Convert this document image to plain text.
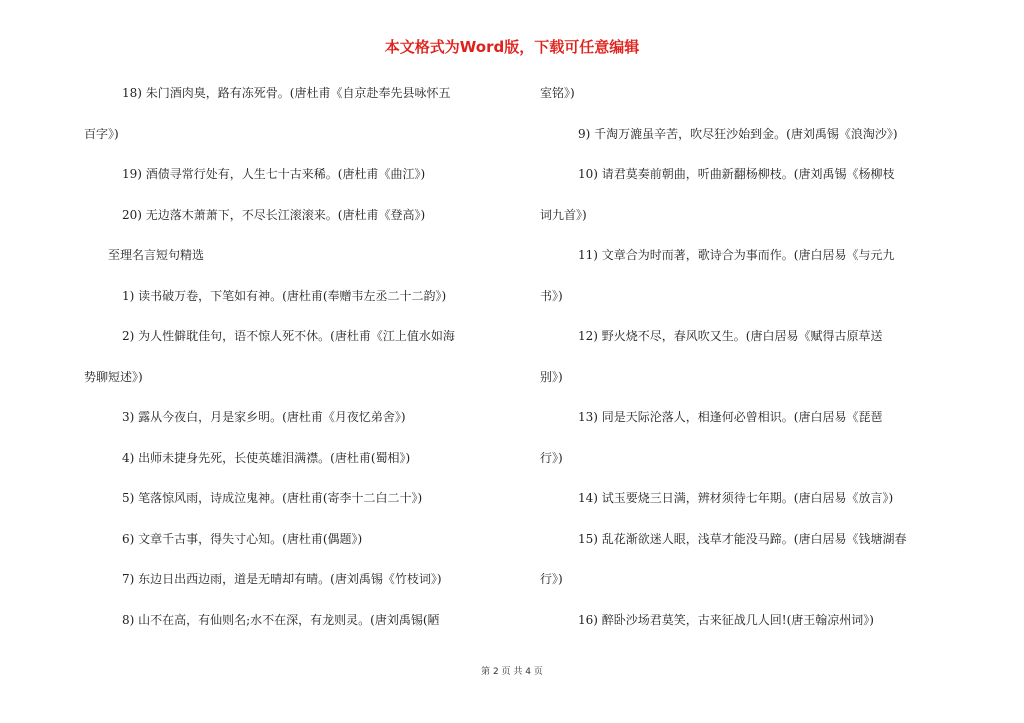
本文格式为Word版，下载可任意编辑
18) 朱门酒肉臭，路有冻死骨。(唐杜甫《自京赴奉先县咏怀五
百字》)
19) 酒债寻常行处有，人生七十古来稀。(唐杜甫《曲江》)
20) 无边落木萧萧下，不尽长江滚滚来。(唐杜甫《登高》)
至理名言短句精选
1) 读书破万卷，下笔如有神。(唐杜甫(奉赠韦左丞二十二韵》)
2) 为人性僻耽佳句，语不惊人死不休。(唐杜甫《江上值水如海
势聊短述》)
3) 露从今夜白，月是家乡明。(唐杜甫《月夜忆弟舍》)
4) 出师未捷身先死，长使英雄泪满襟。(唐杜甫(蜀相》)
5) 笔落惊风雨，诗成泣鬼神。(唐杜甫(寄李十二白二十》)
6) 文章千古事，得失寸心知。(唐杜甫(偶题》)
7) 东边日出西边雨，道是无晴却有晴。(唐刘禹锡《竹枝词》)
8) 山不在高，有仙则名;水不在深，有龙则灵。(唐刘禹锡(陋
室铭》)
9) 千淘万漉虽辛苦，吹尽狂沙始到金。(唐刘禹锡《浪淘沙》)
10) 请君莫奏前朝曲，听曲新翻杨柳枝。(唐刘禹锡《杨柳枝
词九首》)
11) 文章合为时而著，歌诗合为事而作。(唐白居易《与元九
书》)
12) 野火烧不尽，春风吹又生。(唐白居易《赋得古原草送
别》)
13) 同是天际沦落人，相逢何必曾相识。(唐白居易《琵琶
行》)
14) 试玉要烧三日满，辨材须待七年期。(唐白居易《放言》)
15) 乱花渐欲迷人眼，浅草才能没马蹄。(唐白居易《钱塘湖春
行》)
16) 醉卧沙场君莫笑，古来征战几人回!(唐王翰凉州词》)
第 2 页 共 4 页
